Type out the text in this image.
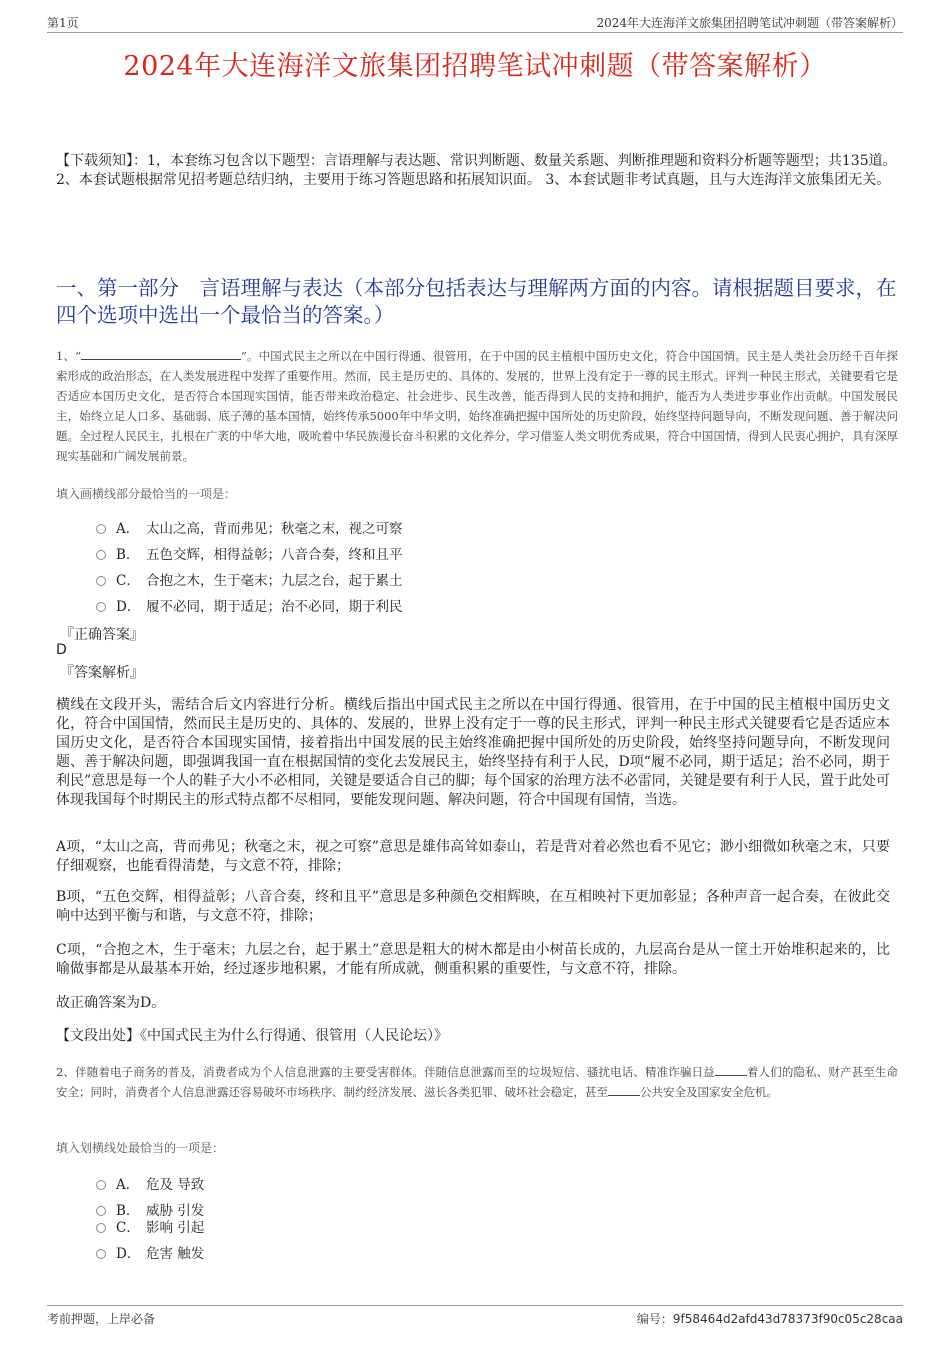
第1页	2024年大连海洋文旅集团招聘笔试冲刺题（带答案解析）
2024年大连海洋文旅集团招聘笔试冲刺题（带答案解析）
【下载须知】：1，本套练习包含以下题型：言语理解与表达题、常识判断题、数量关系题、判断推理题和资料分析题等题型；共135道。 2、本套试题根据常见招考题总结归纳，主要用于练习答题思路和拓展知识面。 3、本套试题非考试真题，且与大连海洋文旅集团无关。
一、第一部分　言语理解与表达（本部分包括表达与理解两方面的内容。请根据题目要求，在四个选项中选出一个最恰当的答案。）
1、“	”。中国式民主之所以在中国行得通、很管用，在于中国的民主植根中国历史文化，符合中国国情。民主是人类社会历经千百年探索形成的政治形态，在人类发展进程中发挥了重要作用。然而，民主是历史的、具体的、发展的，世界上没有定于一尊的民主形式。评判一种民主形式，关键要看它是否适应本国历史文化，是否符合本国现实国情，能否带来政治稳定、社会进步、民生改善，能否得到人民的支持和拥护，能否为人类进步事业作出贡献。中国发展民主，始终立足人口多、基础弱、底子薄的基本国情，始终传承5000年中华文明，始终准确把握中国所处的历史阶段，始终坚持问题导向，不断发现问题、善于解决问题。全过程人民民主，扎根在广袤的中华大地，吸吮着中华民族漫长奋斗积累的文化养分，学习借鉴人类文明优秀成果，符合中国国情，得到人民衷心拥护，具有深厚现实基础和广阔发展前景。
填入画横线部分最恰当的一项是：
A． 太山之高，背而弗见；秋毫之末，视之可察
B． 五色交辉，相得益彰；八音合奏，终和且平
C． 合抱之木，生于毫末；九层之台，起于累土
D． 履不必同，期于适足；治不必同，期于利民
『正确答案』
D
『答案解析』
横线在文段开头，需结合后文内容进行分析。横线后指出中国式民主之所以在中国行得通、很管用，在于中国的民主植根中国历史文化，符合中国国情，然而民主是历史的、具体的、发展的，世界上没有定于一尊的民主形式，评判一种民主形式关键要看它是否适应本国历史文化，是否符合本国现实国情，接着指出中国发展的民主始终准确把握中国所处的历史阶段，始终坚持问题导向，不断发现问题、善于解决问题，即强调我国一直在根据国情的变化去发展民主，始终坚持有利于人民，D项“履不必同，期于适足；治不必同，期于利民”意思是每一个人的鞋子大小不必相同，关键是要适合自己的脚；每个国家的治理方法不必雷同，关键是要有利于人民，置于此处可体现我国每个时期民主的形式特点都不尽相同，要能发现问题、解决问题，符合中国现有国情，当选。
A项，“太山之高，背而弗见；秋毫之末，视之可察”意思是雄伟高耸如泰山，若是背对着必然也看不见它；渺小细微如秋毫之末，只要仔细观察，也能看得清楚，与文意不符，排除；
B项，“五色交辉，相得益彰；八音合奏，终和且平”意思是多种颜色交相辉映，在互相映衬下更加彰显；各种声音一起合奏，在彼此交响中达到平衡与和谐，与文意不符，排除；
C项，“合抱之木，生于毫末；九层之台，起于累土”意思是粗大的树木都是由小树苗长成的，九层高台是从一筐土开始堆积起来的，比喻做事都是从最基本开始，经过逐步地积累，才能有所成就，侧重积累的重要性，与文意不符，排除。
故正确答案为D。
【文段出处】《中国式民主为什么行得通、很管用（人民论坛）》
2、伴随着电子商务的普及，消费者成为个人信息泄露的主要受害群体。伴随信息泄露而至的垃圾短信、骚扰电话、精准诈骗日益	着人们的隐私、财产甚至生命安全；同时，消费者个人信息泄露还容易破坏市场秩序、制约经济发展、滋长各类犯罪、破坏社会稳定，甚至	公共安全及国家安全危机。
填入划横线处最恰当的一项是：
A． 危及 导致
B． 威胁 引发
C． 影响 引起
D． 危害 触发
考前押题，上岸必备	编号：9f58464d2afd43d78373f90c05c28caa
